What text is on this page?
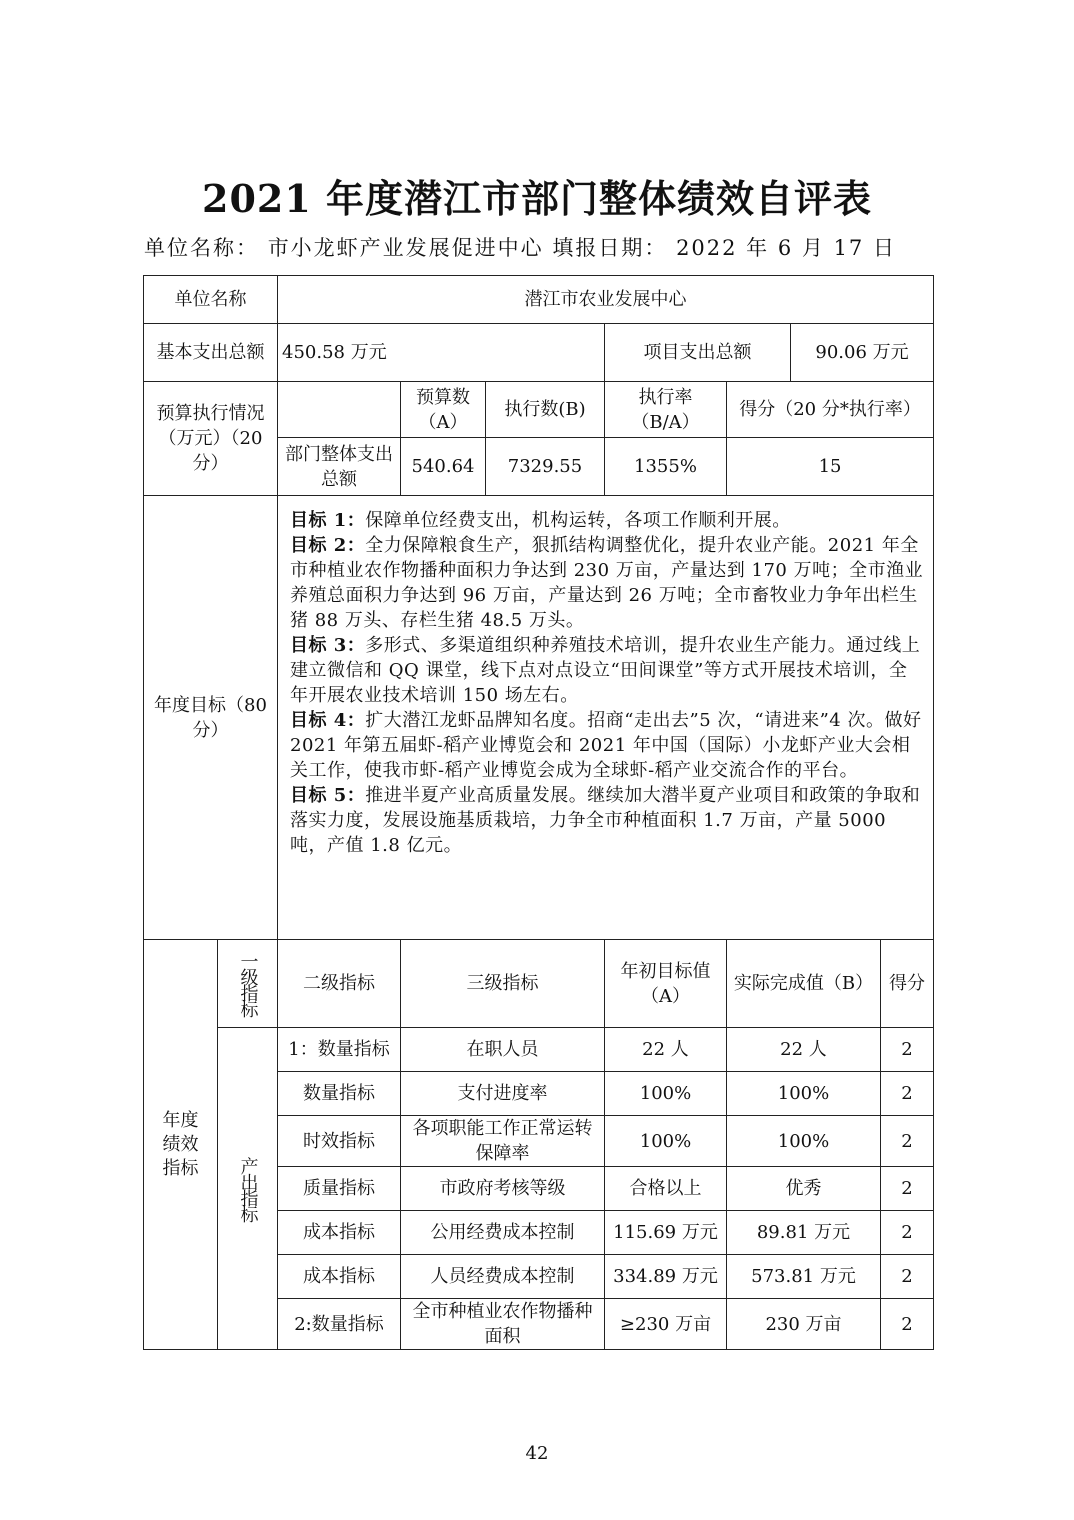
2021 年度潜江市部门整体绩效自评表
单位名称： 市小龙虾产业发展促进中心 填报日期： 2022 年 6 月 17 日
单位名称		潜江市农业发展中心						
基本支出总额		450.58 万元			项目支出总额		90.06 万元	
预算执行情况（万元）（20 分）			预算数（A）	执行数(B)	执行率（B/A）	得分（20 分*执行率）		
		部门整体支出总额	540.64	7329.55	1355%	15		
年度目标（80 分）		目标 1：保障单位经费支出，机构运转，各项工作顺利开展。

目标 2：全力保障粮食生产，狠抓结构调整优化，提升农业产能。2021 年全市种植业农作物播种面积力争达到 230 万亩，产量达到 170 万吨；全市渔业养殖总面积力争达到 96 万亩，产量达到 26 万吨；全市畜牧业力争年出栏生猪 88 万头、存栏生猪 48.5 万头。

目标 3：多形式、多渠道组织种养殖技术培训，提升农业生产能力。通过线上建立微信和 QQ 课堂，线下点对点设立“田间课堂”等方式开展技术培训，全年开展农业技术培训 150 场左右。

目标 4：扩大潜江龙虾品牌知名度。招商“走出去”5 次，“请进来”4 次。做好 2021 年第五届虾-稻产业博览会和 2021 年中国（国际）小龙虾产业大会相关工作，使我市虾-稻产业博览会成为全球虾-稻产业交流合作的平台。

目标 5：推进半夏产业高质量发展。继续加大潜半夏产业项目和政策的争取和落实力度，发展设施基质栽培，力争全市种植面积 1.7 万亩，产量 5000 吨，产值 1.8 亿元。						

年度绩效指标	一级指标	二级指标	三级指标		年初目标值（A）	实际完成值（B）		得分

	产出指标	1：数量指标	在职人员		22 人	22 人		2
		数量指标	支付进度率		100%	100%		2
		时效指标	各项职能工作正常运转保障率		100%	100%		2
		质量指标	市政府考核等级		合格以上	优秀		2
		成本指标	公用经费成本控制		115.69 万元	89.81 万元		2
		成本指标	人员经费成本控制		334.89 万元	573.81 万元		2
		2:数量指标	全市种植业农作物播种面积		≥230 万亩	230 万亩		2
42
